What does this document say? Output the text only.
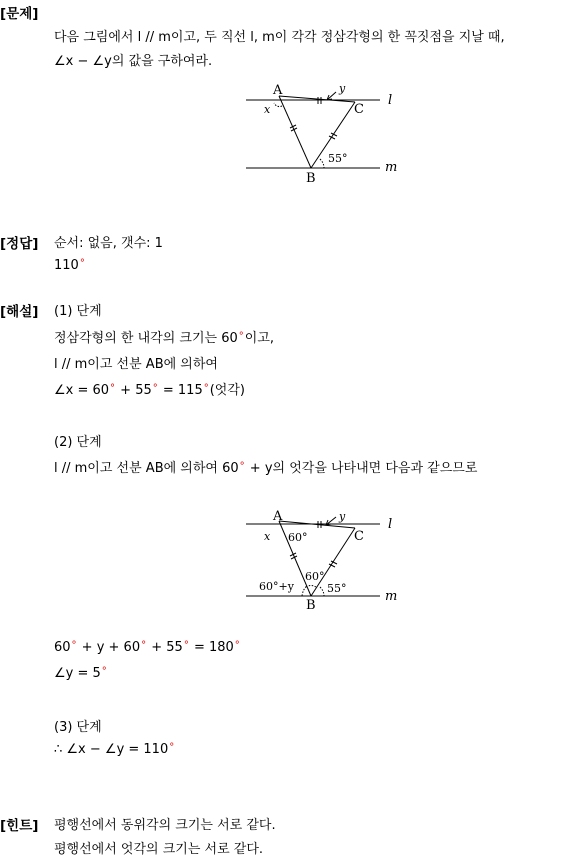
[문제]
다음 그림에서 l // m이고, 두 직선 l, m이 각각 정삼각형의 한 꼭짓점을 지날 때,
∠x − ∠y의 값을 구하여라.
A
B
C
l
m
x
y
55°
[정답] 순서: 없음, 갯수: 1
110°
[해설] (1) 단계
정삼각형의 한 내각의 크기는 60°이고,
l // m이고 선분 AB에 의하여
∠x = 60° + 55° = 115°(엇각)
(2) 단계
l // m이고 선분 AB에 의하여 60° + y의 엇각을 나타내면 다음과 같으므로
A
B
C
l
m
x
y
60°
60°
60°+y	55°
60° + y + 60° + 55° = 180°
∠y = 5°
(3) 단계
∴ ∠x − ∠y = 110°
[힌트] 평행선에서 동위각의 크기는 서로 같다.
평행선에서 엇각의 크기는 서로 같다.
